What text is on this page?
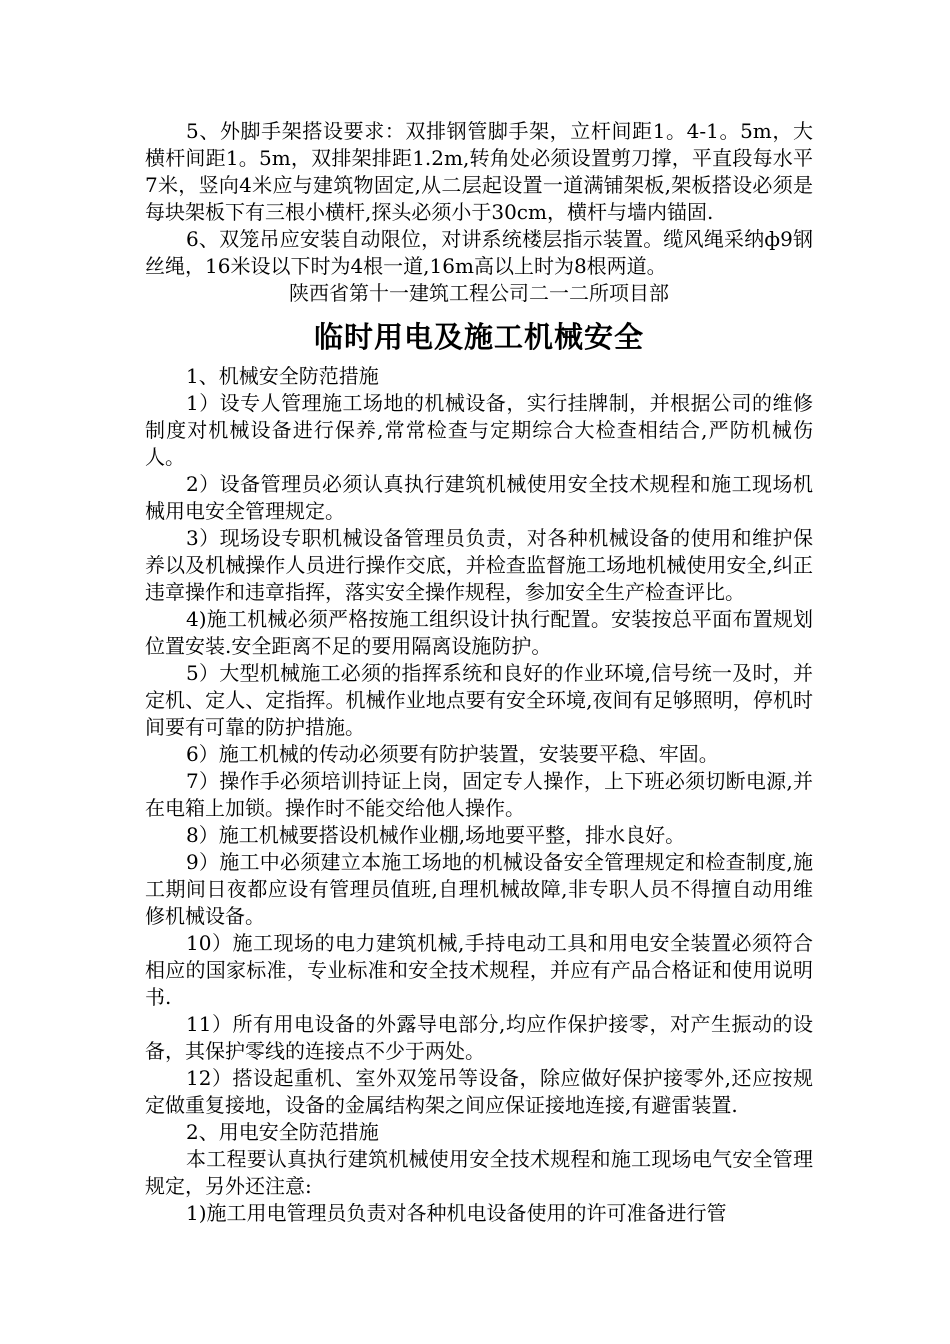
5、外脚手架搭设要求：双排钢管脚手架，立杆间距1。4-1。5m，大横杆间距1。5m，双排架排距1.2m,转角处必须设置剪刀撑，平直段每水平7米，竖向4米应与建筑物固定,从二层起设置一道满铺架板,架板搭设必须是每块架板下有三根小横杆,探头必须小于30cm，横杆与墙内锚固.

6、双笼吊应安装自动限位，对讲系统楼层指示装置。缆风绳采纳ф9钢丝绳，16米设以下时为4根一道,16m高以上时为8根两道。

陕西省第十一建筑工程公司二一二所项目部

临时用电及施工机械安全

1、机械安全防范措施

1）设专人管理施工场地的机械设备，实行挂牌制，并根据公司的维修制度对机械设备进行保养,常常检查与定期综合大检查相结合,严防机械伤人。

2）设备管理员必须认真执行建筑机械使用安全技术规程和施工现场机械用电安全管理规定。

3）现场设专职机械设备管理员负责，对各种机械设备的使用和维护保养以及机械操作人员进行操作交底，并检查监督施工场地机械使用安全,纠正违章操作和违章指挥，落实安全操作规程，参加安全生产检查评比。

4)施工机械必须严格按施工组织设计执行配置。安装按总平面布置规划位置安装.安全距离不足的要用隔离设施防护。

5）大型机械施工必须的指挥系统和良好的作业环境,信号统一及时，并定机、定人、定指挥。机械作业地点要有安全环境,夜间有足够照明，停机时间要有可靠的防护措施。

6）施工机械的传动必须要有防护装置，安装要平稳、牢固。

7）操作手必须培训持证上岗，固定专人操作，上下班必须切断电源,并在电箱上加锁。操作时不能交给他人操作。

8）施工机械要搭设机械作业棚,场地要平整，排水良好。

9）施工中必须建立本施工场地的机械设备安全管理规定和检查制度,施工期间日夜都应设有管理员值班,自理机械故障,非专职人员不得擅自动用维修机械设备。

10）施工现场的电力建筑机械,手持电动工具和用电安全装置必须符合相应的国家标准，专业标准和安全技术规程，并应有产品合格证和使用说明书.

11）所有用电设备的外露导电部分,均应作保护接零，对产生振动的设备，其保护零线的连接点不少于两处。

12）搭设起重机、室外双笼吊等设备，除应做好保护接零外,还应按规定做重复接地，设备的金属结构架之间应保证接地连接,有避雷装置.

2、用电安全防范措施

本工程要认真执行建筑机械使用安全技术规程和施工现场电气安全管理规定，另外还注意:

1)施工用电管理员负责对各种机电设备使用的许可准备进行管
